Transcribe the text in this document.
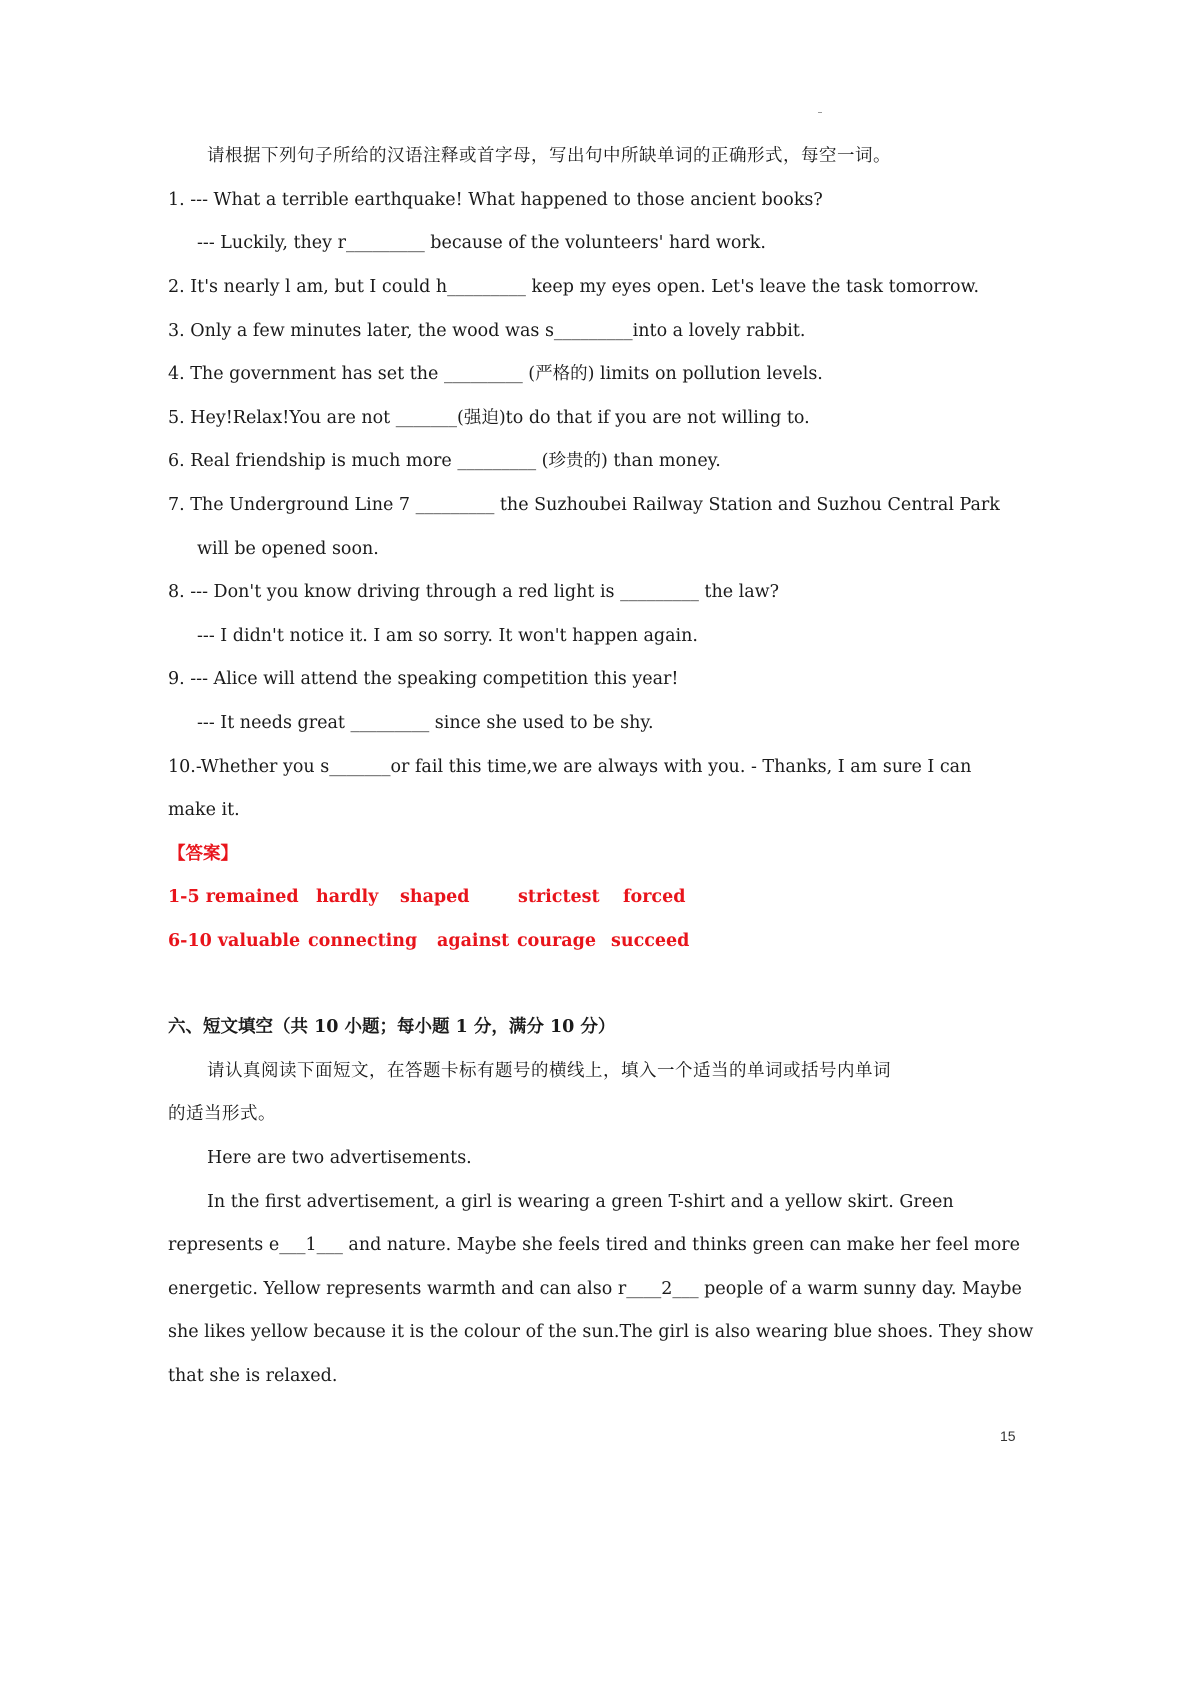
请根据下列句子所给的汉语注释或首字母，写出句中所缺单词的正确形式，每空一词。
1. --- What a terrible earthquake! What happened to those ancient books?
--- Luckily, they r_________ because of the volunteers' hard work.
2. It's nearly l am, but I could h_________ keep my eyes open. Let's leave the task tomorrow.
3. Only a few minutes later, the wood was s_________into a lovely rabbit.
4. The government has set the _________ (严格的) limits on pollution levels.
5. Hey!Relax!You are not _______(强迫)to do that if you are not willing to.
6. Real friendship is much more _________ (珍贵的) than money.
7. The Underground Line 7 _________ the Suzhoubei Railway Station and Suzhou Central Park
will be opened soon.
8. --- Don't you know driving through a red light is _________ the law?
--- I didn't notice it. I am so sorry. It won't happen again.
9. --- Alice will attend the speaking competition this year!
--- It needs great _________ since she used to be shy.
10.-Whether you s_______or fail this time,we are always with you. - Thanks, I am sure I can
make it.
【答案】
1-5 remained hardly shaped	strictest forced
6-10 valuable connecting against courage succeed
六、短文填空（共 10 小题；每小题 1 分，满分 10 分）
请认真阅读下面短文，在答题卡标有题号的横线上，填入一个适当的单词或括号内单词
的适当形式。
Here are two advertisements.
In the first advertisement, a girl is wearing a green T-shirt and a yellow skirt. Green
represents e___1___ and nature. Maybe she feels tired and thinks green can make her feel more
energetic. Yellow represents warmth and can also r____2___ people of a warm sunny day. Maybe
she likes yellow because it is the colour of the sun.The girl is also wearing blue shoes. They show
that she is relaxed.
15
